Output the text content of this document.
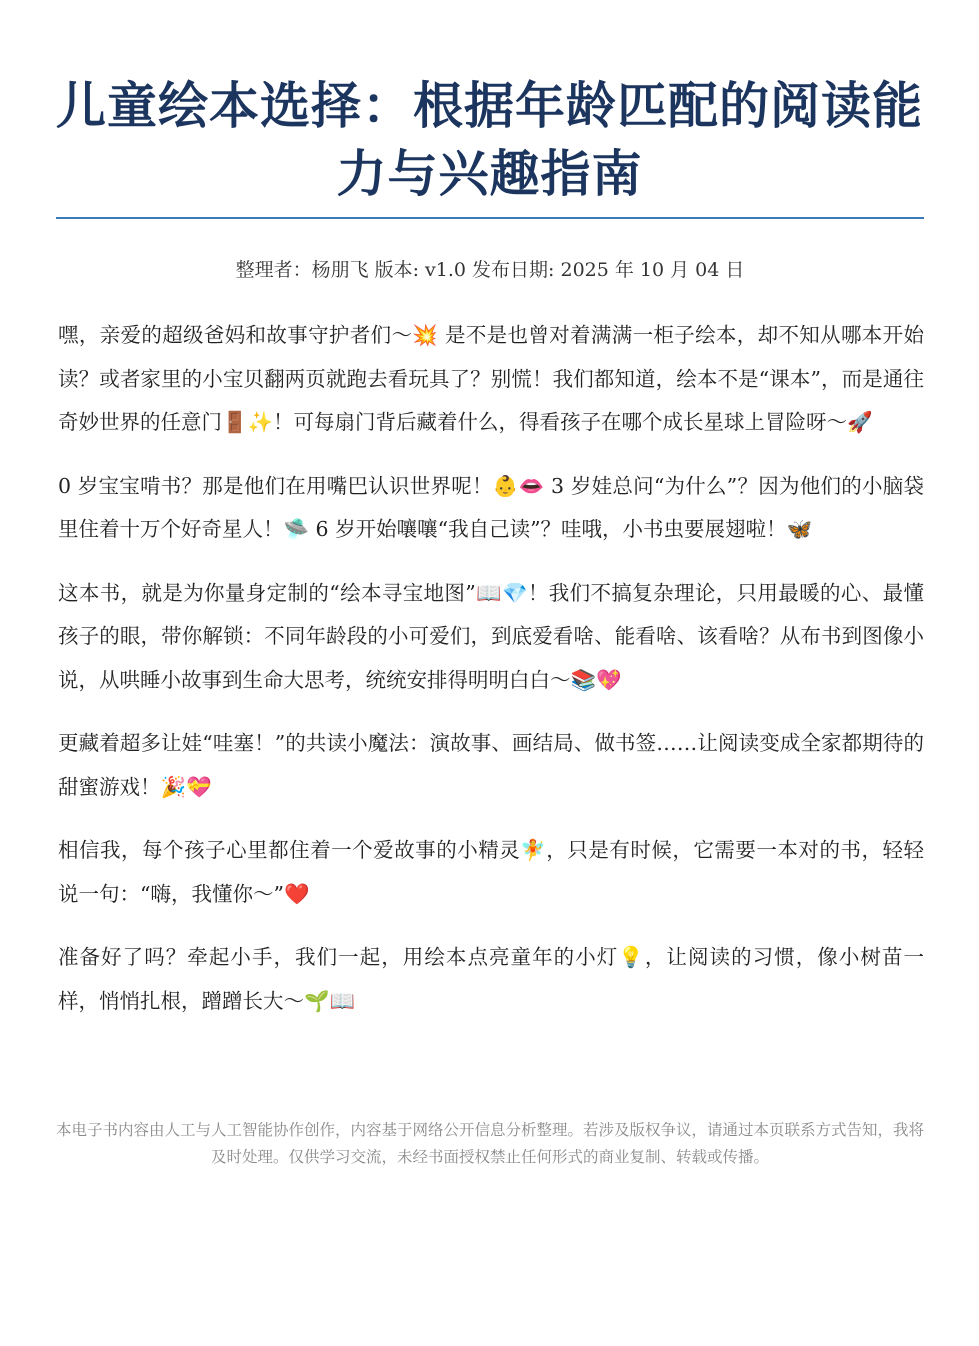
儿童绘本选择：根据年龄匹配的阅读能力与兴趣指南
整理者：杨朋飞 版本: v1.0 发布日期: 2025 年 10 月 04 日

嘿，亲爱的超级爸妈和故事守护者们～💥 是不是也曾对着满满一柜子绘本，却不知从哪本开始读？或者家里的小宝贝翻两页就跑去看玩具了？别慌！我们都知道，绘本不是“课本”，而是通往奇妙世界的任意门🚪✨！可每扇门背后藏着什么，得看孩子在哪个成长星球上冒险呀～🚀

0 岁宝宝啃书？那是他们在用嘴巴认识世界呢！👶👄 3 岁娃总问“为什么”？因为他们的小脑袋里住着十万个好奇星人！🛸 6 岁开始嚷嚷“我自己读”？哇哦，小书虫要展翅啦！🦋

这本书，就是为你量身定制的“绘本寻宝地图”📖💎！我们不搞复杂理论，只用最暖的心、最懂孩子的眼，带你解锁：不同年龄段的小可爱们，到底爱看啥、能看啥、该看啥？从布书到图像小说，从哄睡小故事到生命大思考，统统安排得明明白白～📚💖

更藏着超多让娃“哇塞！”的共读小魔法：演故事、画结局、做书签……让阅读变成全家都期待的甜蜜游戏！🎉💝

相信我，每个孩子心里都住着一个爱故事的小精灵🧚，只是有时候，它需要一本对的书，轻轻说一句：“嗨，我懂你～”❤️

准备好了吗？牵起小手，我们一起，用绘本点亮童年的小灯💡，让阅读的习惯，像小树苗一样，悄悄扎根，蹭蹭长大～🌱📖

本电子书内容由人工与人工智能协作创作，内容基于网络公开信息分析整理。若涉及版权争议，请通过本页联系方式告知，我将及时处理。仅供学习交流，未经书面授权禁止任何形式的商业复制、转载或传播。
